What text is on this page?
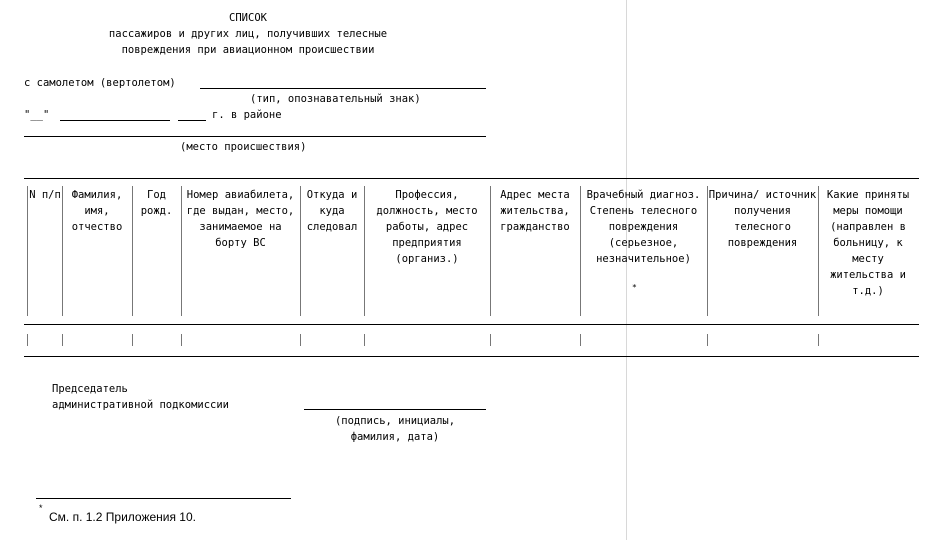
СПИСОК
пассажиров и других лиц, получивших телесные
повреждения при авиационном происшествии
с самолетом (вертолетом)
(тип, опознавательный знак)
"__"	г. в районе
(место происшествия)
N п/п	Фамилия, имя, отчество
Год рожд.
Номер авиабилета, где выдан, место, занимаемое на борту ВС
Откуда и куда следовал
Профессия, должность, место работы, адрес предприятия (организ.)
Адрес места жительства, гражданство
Врачебный диагноз. Степень телесного повреждения (серьезное, незначительное)
Причина/ источник получения телесного повреждения
Какие приняты меры помощи (направлен в больницу, к месту жительства и т.д.)
*
Председатель
административной подкомиссии
(подпись, инициалы,
фамилия, дата)
*
См. п. 1.2 Приложения 10.
